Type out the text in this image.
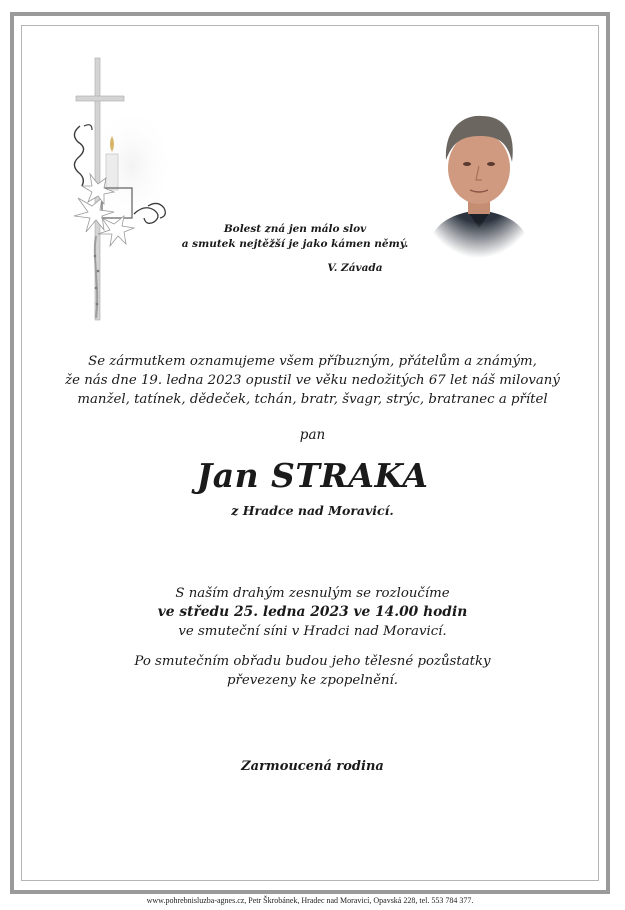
Bolest zná jen málo slov
a smutek nejtěžší je jako kámen němý.
V. Závada
Se zármutkem oznamujeme všem příbuzným, přátelům a známým,
že nás dne 19. ledna 2023 opustil ve věku nedožitých 67 let náš milovaný
manžel, tatínek, dědeček, tchán, bratr, švagr, strýc, bratranec a přítel
pan
Jan STRAKA
z Hradce nad Moravicí.
S naším drahým zesnulým se rozloučíme
ve středu 25. ledna 2023 ve 14.00 hodin
ve smuteční síni v Hradci nad Moravicí.
Po smutečním obřadu budou jeho tělesné pozůstatky
převezeny ke zpopelnění.
Zarmoucená rodina
www.pohrebnisluzba-agnes.cz, Petr Škrobánek, Hradec nad Moravicí, Opavská 228, tel. 553 784 377.
